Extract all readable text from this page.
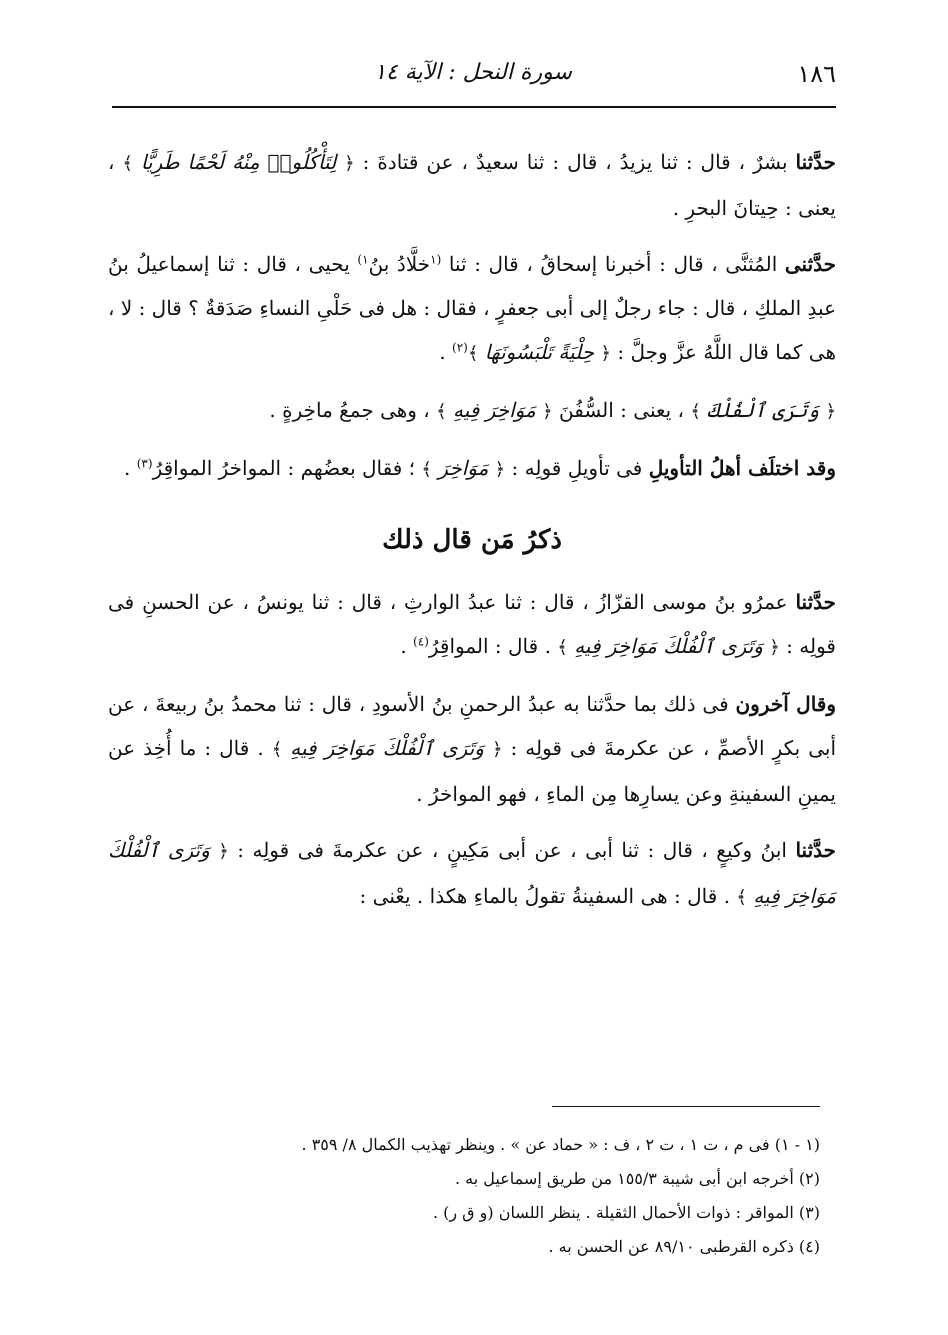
١٨٦
سورة النحل : الآية ١٤

حدَّثنا بشرٌ ، قال : ثنا يزيدُ ، قال : ثنا سعيدٌ ، عن قتادةَ : ﴿ لِتَأْكُلُوا۟ مِنْهُ لَحْمًا طَرِيًّا ﴾ ، يعنى : حِيتانَ البحرِ .

حدَّثنى المُثنَّى ، قال : أخبرنا إسحاقُ ، قال : ثنا $^{(١}$خلَّادُ بنُ$^{١)}$ يحيى ، قال : ثنا إسماعيلُ بنُ عبدِ الملكِ ، قال : جاء رجلٌ إلى أبى جعفرٍ ، فقال : هل فى حَلْىِ النساءِ صَدَقةٌ ؟ قال : لا ، هى كما قال اللَّهُ عزَّ وجلَّ : ﴿ حِلْيَةً تَلْبَسُونَهَا ﴾$^{(٢)}$ .

﴿ وَتَرَى ٱلْفُلْكَ ﴾ ، يعنى : السُّفُنَ ﴿ مَوَاخِرَ فِيهِ ﴾ ، وهى جمعُ ماخِرةٍ .

وقد اختلَف أهلُ التأويلِ فى تأويلِ قولِه : ﴿ مَوَاخِرَ ﴾ ؛ فقال بعضُهم : المواخرُ المواقِرُ$^{(٣)}$ .

ذكرُ مَن قال ذلك

حدَّثنا عمرُو بنُ موسى القزّازُ ، قال : ثنا عبدُ الوارثِ ، قال : ثنا يونسُ ، عن الحسنِ فى قولِه : ﴿ وَتَرَى ٱلْفُلْكَ مَوَاخِرَ فِيهِ ﴾ . قال : المواقِرُ$^{(٤)}$ .

وقال آخرون فى ذلك بما حدَّثنا به عبدُ الرحمنِ بنُ الأسودِ ، قال : ثنا محمدُ بنُ ربيعةَ ، عن أبى بكرٍ الأصمِّ ، عن عكرمةَ فى قولِه : ﴿ وَتَرَى ٱلْفُلْكَ مَوَاخِرَ فِيهِ ﴾ . قال : ما أُخِذ عن يمينِ السفينةِ وعن يسارِها مِن الماءِ ، فهو المواخرُ .

حدَّثنا ابنُ وكيعٍ ، قال : ثنا أبى ، عن أبى مَكِينٍ ، عن عكرمةَ فى قولِه : ﴿ وَتَرَى ٱلْفُلْكَ مَوَاخِرَ فِيهِ ﴾ . قال : هى السفينةُ تقولُ بالماءِ هكذا . يعْنى :

(١ - ١) فى م ، ت ١ ، ت ٢ ، ف : « حماد عن » . وينظر تهذيب الكمال ٨/ ٣٥٩ .

(٢) أخرجه ابن أبى شيبة ١٥٥/٣ من طريق إسماعيل به .

(٣) المواقر : ذوات الأحمال الثقيلة . ينظر اللسان (و ق ر) .

(٤) ذكره القرطبى ٨٩/١٠ عن الحسن به .
